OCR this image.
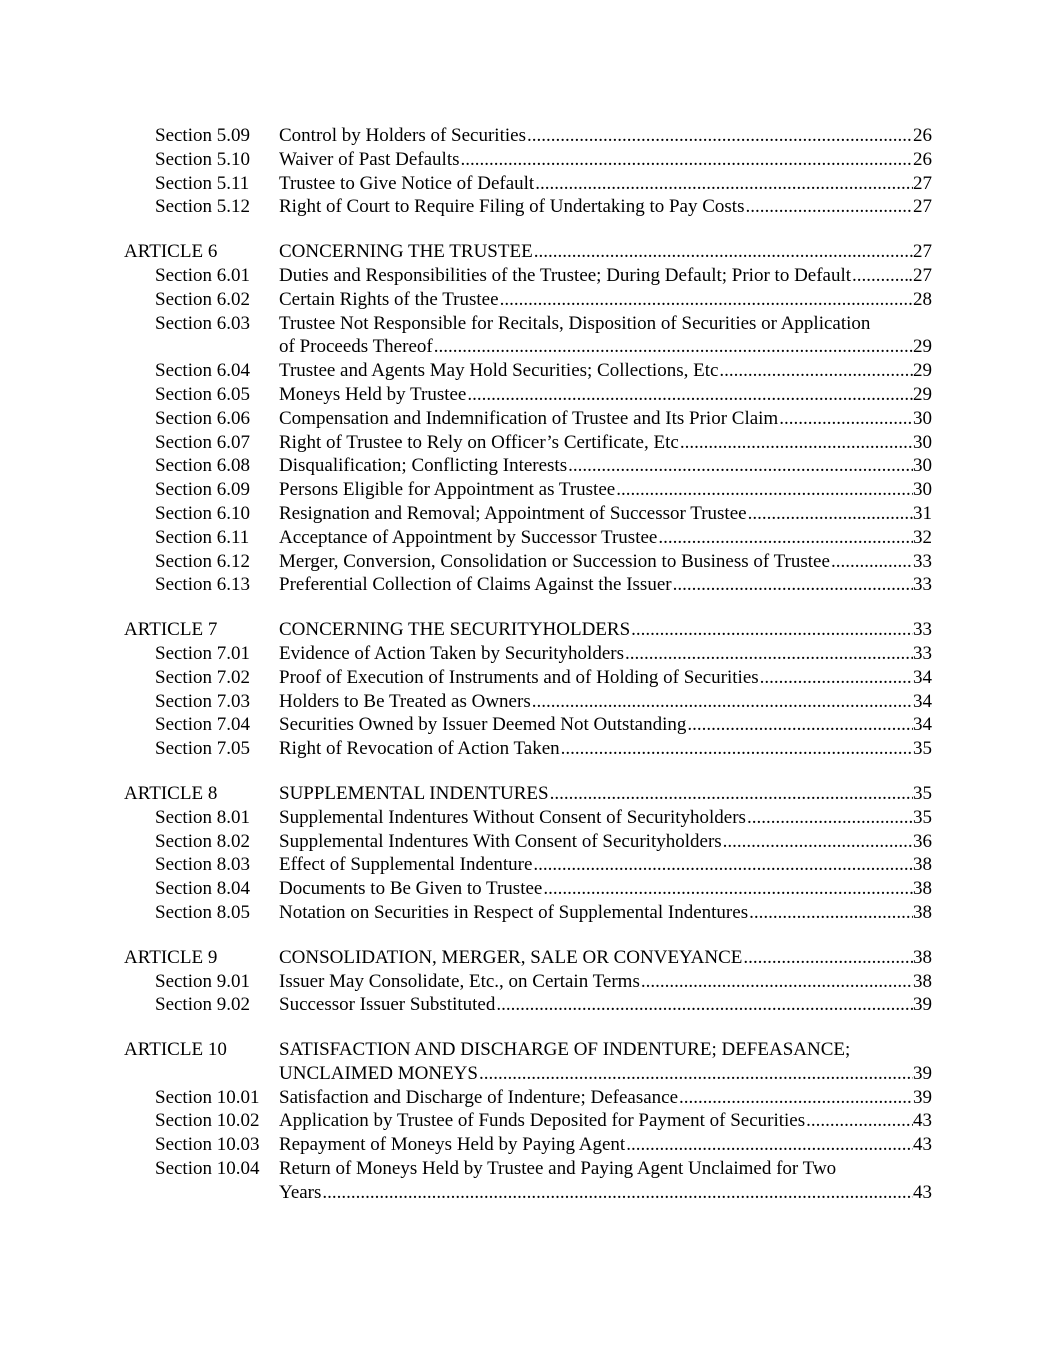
Section 5.09 Control by Holders of Securities .....	26
Section 5.10 Waiver of Past Defaults .....	26
Section 5.11 Trustee to Give Notice of Default .....	27
Section 5.12 Right of Court to Require Filing of Undertaking to Pay Costs .....	27
ARTICLE 6	CONCERNING THE TRUSTEE .....	27
Section 6.01 Duties and Responsibilities of the Trustee; During Default; Prior to Default .....	.27
Section 6.02 Certain Rights of the Trustee .....	28
Section 6.03 Trustee Not Responsible for Recitals, Disposition of Securities or Application
of Proceeds Thereof .....	29
Section 6.04 Trustee and Agents May Hold Securities; Collections, Etc .....	29
Section 6.05 Moneys Held by Trustee .....	29
Section 6.06 Compensation and Indemnification of Trustee and Its Prior Claim .....	30
Section 6.07 Right of Trustee to Rely on Officer’s Certificate, Etc .....	30
Section 6.08 Disqualification; Conflicting Interests .....	30
Section 6.09 Persons Eligible for Appointment as Trustee .....	30
Section 6.10 Resignation and Removal; Appointment of Successor Trustee .....	31
Section 6.11 Acceptance of Appointment by Successor Trustee .....	32
Section 6.12 Merger, Conversion, Consolidation or Succession to Business of Trustee .....	33
Section 6.13 Preferential Collection of Claims Against the Issuer .....	33
ARTICLE 7	CONCERNING THE SECURITYHOLDERS .....	33
Section 7.01 Evidence of Action Taken by Securityholders .....	33
Section 7.02 Proof of Execution of Instruments and of Holding of Securities .....	34
Section 7.03 Holders to Be Treated as Owners .....	34
Section 7.04 Securities Owned by Issuer Deemed Not Outstanding .....	34
Section 7.05 Right of Revocation of Action Taken .....	35
ARTICLE 8	SUPPLEMENTAL INDENTURES .....	35
Section 8.01 Supplemental Indentures Without Consent of Securityholders .....	35
Section 8.02 Supplemental Indentures With Consent of Securityholders .....	36
Section 8.03 Effect of Supplemental Indenture .....	38
Section 8.04 Documents to Be Given to Trustee .....	38
Section 8.05 Notation on Securities in Respect of Supplemental Indentures .....	38
ARTICLE 9	CONSOLIDATION, MERGER, SALE OR CONVEYANCE .....	38
Section 9.01 Issuer May Consolidate, Etc., on Certain Terms .....	38
Section 9.02 Successor Issuer Substituted .....	39
ARTICLE 10	SATISFACTION AND DISCHARGE OF INDENTURE; DEFEASANCE;
UNCLAIMED MONEYS .....	39
Section 10.01 Satisfaction and Discharge of Indenture; Defeasance .....	39
Section 10.02 Application by Trustee of Funds Deposited for Payment of Securities .....	43
Section 10.03 Repayment of Moneys Held by Paying Agent .....	43
Section 10.04 Return of Moneys Held by Trustee and Paying Agent Unclaimed for Two
Years .....	43
